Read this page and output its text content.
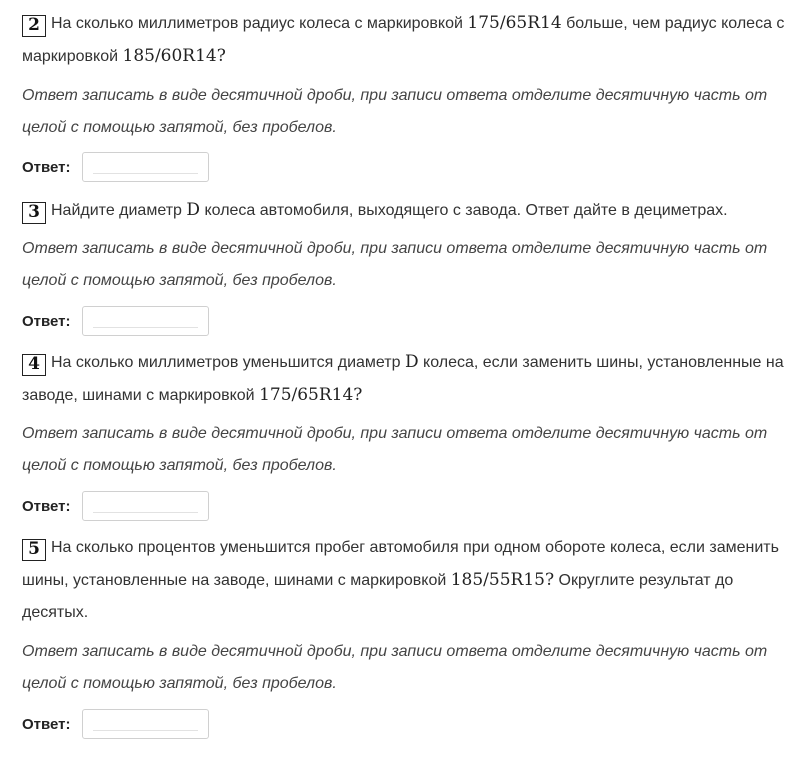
2 На сколько миллиметров радиус колеса с маркировкой 175/65R14 больше, чем радиус колеса с маркировкой 185/60R14?

Ответ записать в виде десятичной дроби, при записи ответа отделите десятичную часть от целой с помощью запятой, без пробелов.

Ответ:

3 Найдите диаметр D колеса автомобиля, выходящего с завода. Ответ дайте в дециметрах.

Ответ записать в виде десятичной дроби, при записи ответа отделите десятичную часть от целой с помощью запятой, без пробелов.

Ответ:

4 На сколько миллиметров уменьшится диаметр D колеса, если заменить шины, установленные на заводе, шинами с маркировкой 175/65R14?

Ответ записать в виде десятичной дроби, при записи ответа отделите десятичную часть от целой с помощью запятой, без пробелов.

Ответ:

5 На сколько процентов уменьшится пробег автомобиля при одном обороте колеса, если заменить шины, установленные на заводе, шинами с маркировкой 185/55R15? Округлите результат до десятых.

Ответ записать в виде десятичной дроби, при записи ответа отделите десятичную часть от целой с помощью запятой, без пробелов.

Ответ:
